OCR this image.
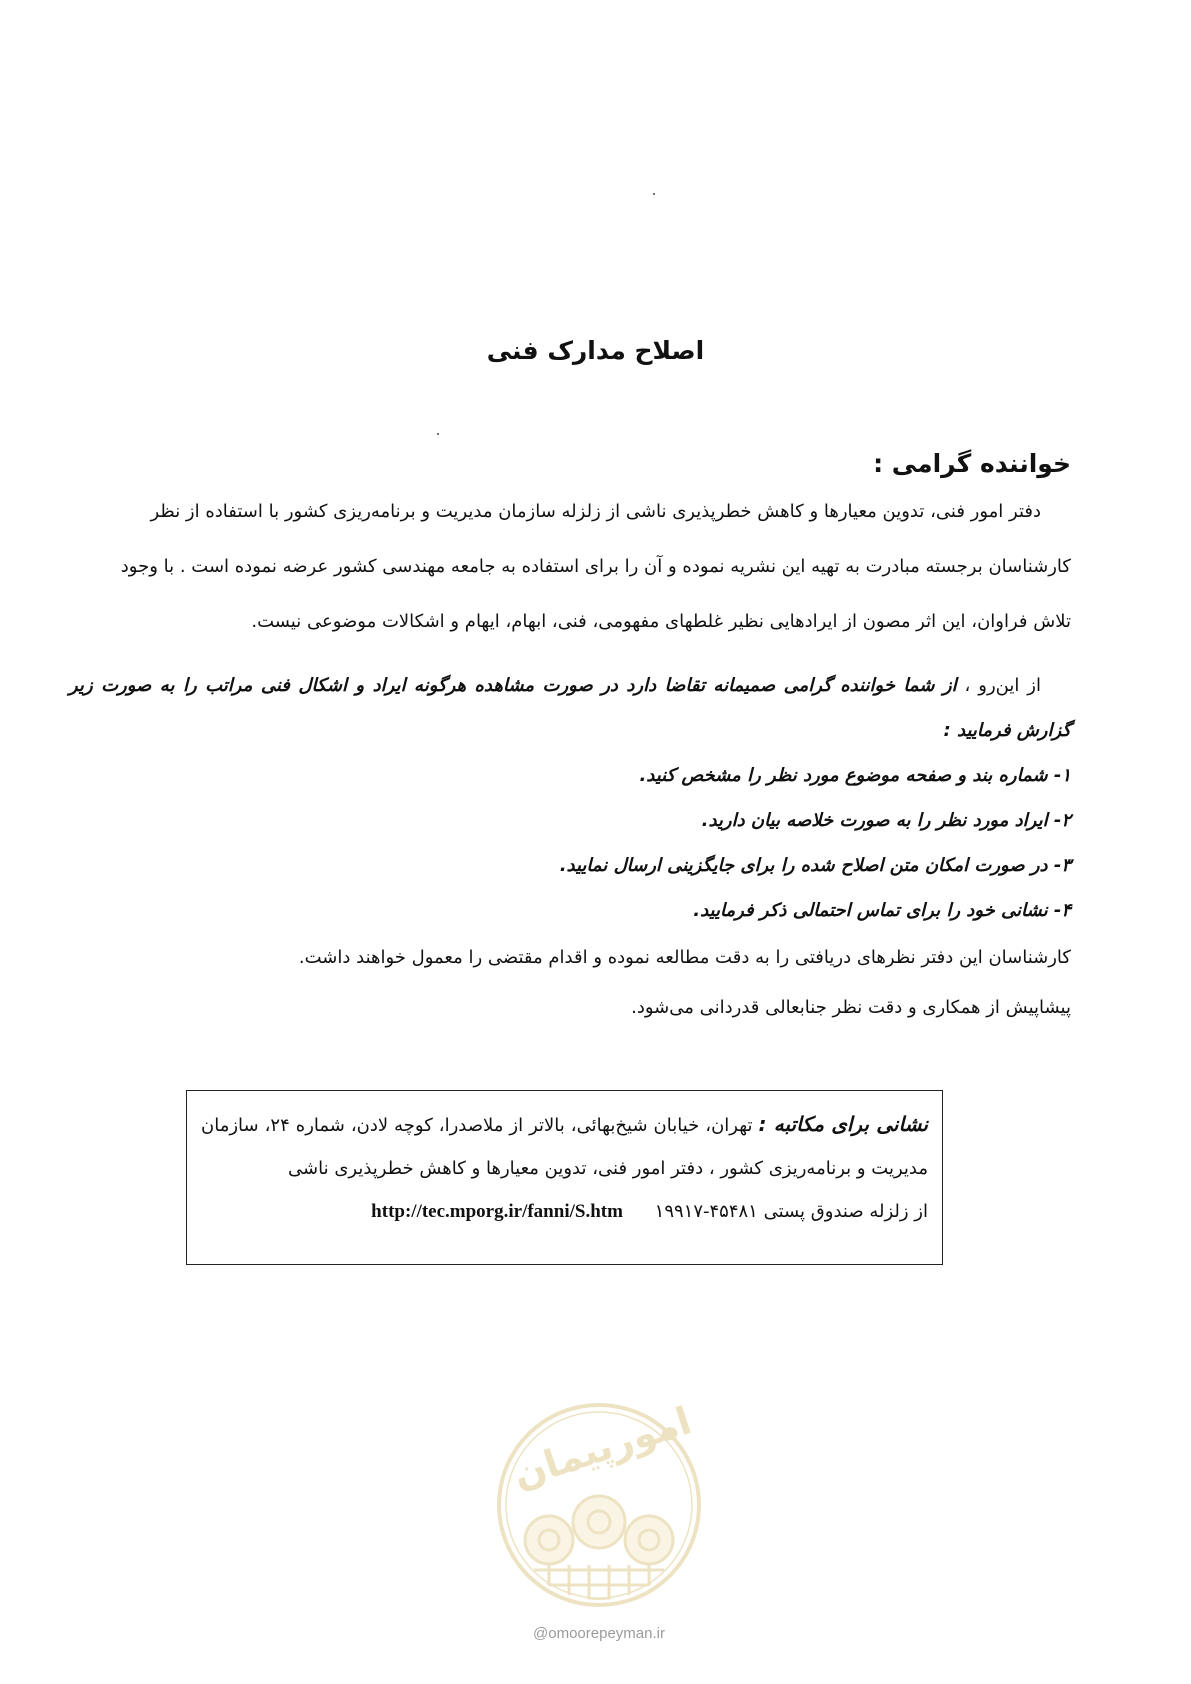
اصلاح مدارک فنی
خواننده گرامی :

دفتر امور فنی، تدوین معیارها و کاهش خطرپذیری ناشی از زلزله سازمان مدیریت و برنامه‌ریزی کشور با استفاده از نظر
کارشناسان برجسته مبادرت به تهیه این نشریه نموده و آن را برای استفاده به جامعه مهندسی کشور عرضه نموده است . با وجود
تلاش فراوان، این اثر مصون از ایرادهایی نظیر غلطهای مفهومی، فنی، ابهام، ایهام و اشکالات موضوعی نیست.

از این‌رو ، از شما خواننده گرامی صمیمانه تقاضا دارد در صورت مشاهده هرگونه ایراد و اشکال فنی مراتب را به صورت زیر گزارش فرمایید :

۱- شماره بند و صفحه موضوع مورد نظر را مشخص کنید.
۲- ایراد مورد نظر را به صورت خلاصه بیان دارید.
۳- در صورت امکان متن اصلاح شده را برای جایگزینی ارسال نمایید.
۴- نشانی خود را برای تماس احتمالی ذکر فرمایید.

کارشناسان این دفتر نظرهای دریافتی را به دقت مطالعه نموده و اقدام مقتضی را معمول خواهند داشت.

پیشاپیش از همکاری و دقت نظر جنابعالی قدردانی می‌شود.

نشانی برای مکاتبه : تهران، خیابان شیخ‌بهائی، بالاتر از ملاصدرا، کوچه لادن، شماره ۲۴، سازمان مدیریت و برنامه‌ریزی کشور ، دفتر امور فنی، تدوین معیارها و کاهش خطرپذیری ناشی
از زلزله صندوق پستی ۴۵۴۸۱-۱۹۹۱۷ http://tec.mporg.ir/fanni/S.htm
امورپیمان
@omoorepeyman.ir
